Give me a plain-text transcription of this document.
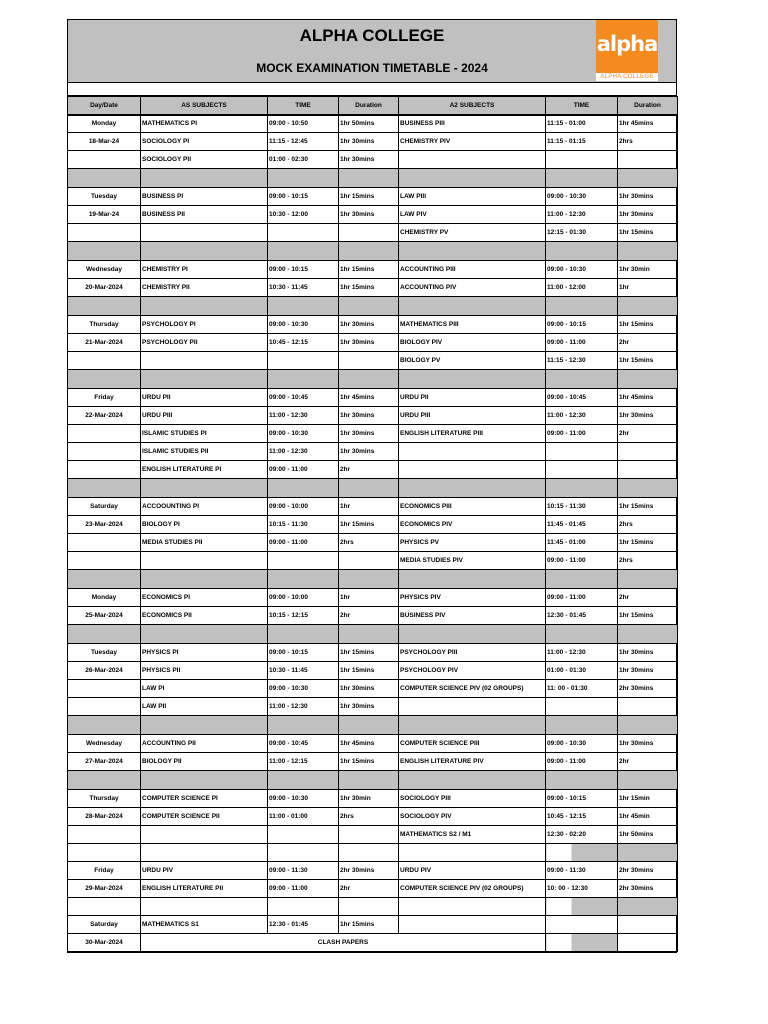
ALPHA COLLEGE
MOCK EXAMINATION TIMETABLE - 2024
alpha
ALPHA COLLEGE
Day/Date	AS SUBJECTS	TIME	Duration	A2 SUBJECTS	TIME	Duration
Monday	MATHEMATICS PI	09:00 - 10:50	1hr 50mins	BUSINESS PIII	11:15 - 01:00	1hr 45mins
18-Mar-24	SOCIOLOGY PI	11:15 - 12:45	1hr 30mins	CHEMISTRY PIV	11:15 - 01:15	2hrs
	SOCIOLOGY PII	01:00 - 02:30	1hr 30mins			

Tuesday	BUSINESS PI	09:00 - 10:15	1hr 15mins	LAW PIII	09:00 - 10:30	1hr 30mins
19-Mar-24	BUSINESS PII	10:30 - 12:00	1hr 30mins	LAW PIV	11:00 - 12:30	1hr 30mins
				CHEMISTRY PV	12:15 - 01:30	1hr 15mins

Wednesday	CHEMISTRY PI	09:00 - 10:15	1hr 15mins	ACCOUNTING PIII	09:00 - 10:30	1hr 30min
20-Mar-2024	CHEMISTRY PII	10:30 - 11:45	1hr 15mins	ACCOUNTING PIV	11:00 - 12:00	1hr

Thursday	PSYCHOLOGY PI	09:00 - 10:30	1hr 30mins	MATHEMATICS PIII	09:00 - 10:15	1hr 15mins
21-Mar-2024	PSYCHOLOGY PII	10:45 - 12:15	1hr 30mins	BIOLOGY PIV	09:00 - 11:00	2hr
				BIOLOGY PV	11:15 - 12:30	1hr 15mins

Friday	URDU PII	09:00 - 10:45	1hr 45mins	URDU PII	09:00 - 10:45	1hr 45mins
22-Mar-2024	URDU PIII	11:00 - 12:30	1hr 30mins	URDU PIII	11:00 - 12:30	1hr 30mins
	ISLAMIC STUDIES PI	09:00 - 10:30	1hr 30mins	ENGLISH LITERATURE PIII	09:00 - 11:00	2hr
	ISLAMIC STUDIES PII	11:00 - 12:30	1hr 30mins			
	ENGLISH LITERATURE PI	09:00 - 11:00	2hr			

Saturday	ACCOOUNTING PI	09:00 - 10:00	1hr	ECONOMICS PIII	10:15 - 11:30	1hr 15mins
23-Mar-2024	BIOLOGY PI	10:15 - 11:30	1hr 15mins	ECONOMICS PIV	11:45 - 01:45	2hrs
	MEDIA STUDIES PII	09:00 - 11:00	2hrs	PHYSICS PV	11:45 - 01:00	1hr 15mins
				MEDIA STUDIES PIV	09:00 - 11:00	2hrs

Monday	ECONOMICS PI	09:00 - 10:00	1hr	PHYSICS PIV	09:00 - 11:00	2hr
25-Mar-2024	ECONOMICS PII	10:15 - 12:15	2hr	BUSINESS PIV	12:30 - 01:45	1hr 15mins

Tuesday	PHYSICS PI	09:00 - 10:15	1hr 15mins	PSYCHOLOGY PIII	11:00 - 12:30	1hr 30mins
26-Mar-2024	PHYSICS PII	10:30 - 11:45	1hr 15mins	PSYCHOLOGY PIV	01:00 - 01:30	1hr 30mins
	LAW PI	09:00 - 10:30	1hr 30mins	COMPUTER SCIENCE PIV (02 GROUPS)	11: 00 - 01:30	2hr 30mins
	LAW PII	11:00 - 12:30	1hr 30mins			

Wednesday	ACCOUNTING PII	09:00 - 10:45	1hr 45mins	COMPUTER SCIENCE PIII	09:00 - 10:30	1hr 30mins
27-Mar-2024	BIOLOGY PII	11:00 - 12:15	1hr 15mins	ENGLISH LITERATURE PIV	09:00 - 11:00	2hr

Thursday	COMPUTER SCIENCE PI	09:00 - 10:30	1hr 30min	SOCIOLOGY PIII	09:00 - 10:15	1hr 15min
28-Mar-2024	COMPUTER SCIENCE PII	11:00 - 01:00	2hrs	SOCIOLOGY PIV	10:45 - 12:15	1hr 45min
				MATHEMATICS S2 / M1	12:30 - 02:20	1hr 50mins

Friday	URDU PIV	09:00 - 11:30	2hr 30mins	URDU PIV	09:00 - 11:30	2hr 30mins
29-Mar-2024	ENGLISH LITERATURE PII	09:00 - 11:00	2hr	COMPUTER SCIENCE PIV (02 GROUPS)	10: 00 - 12:30	2hr 30mins

Saturday	MATHEMATICS S1	12:30 - 01:45	1hr 15mins			
30-Mar-2024	CLASH PAPERS					
